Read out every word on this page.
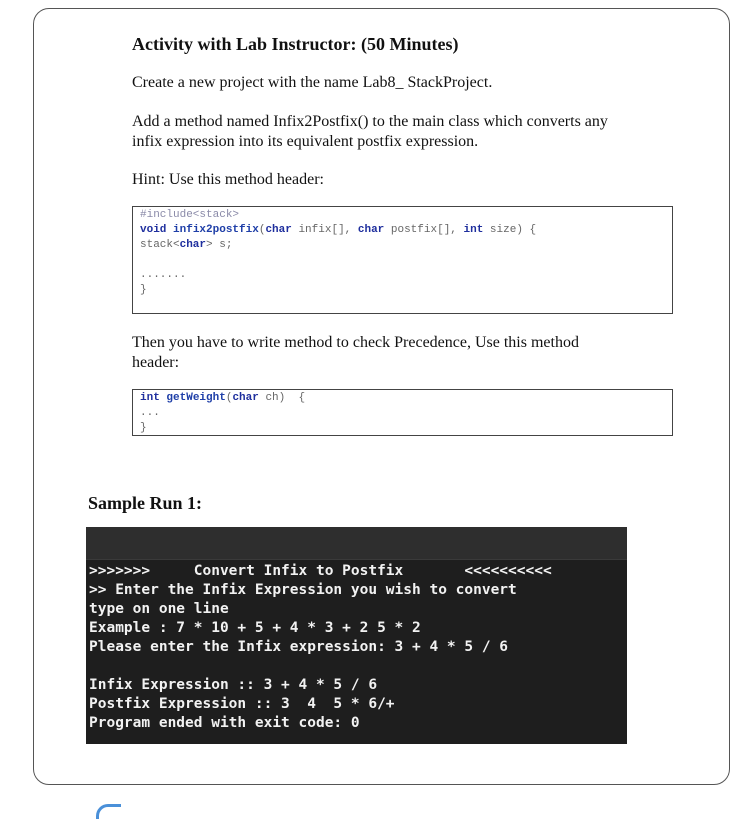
Activity with Lab Instructor: (50 Minutes)

Create a new project with the name Lab8_ StackProject.

Add a method named Infix2Postfix() to the main class which converts any
infix expression into its equivalent postfix expression.

Hint: Use this method header:

#include<stack>
void infix2postfix(char infix[], char postfix[], int size) {
stack<char> s;

.......
}
Then you have to write method to check Precedence, Use this method
header:
int getWeight(char ch)  {
...
}
Sample Run 1:
>>>>>>>     Convert Infix to Postfix       <<<<<<<<<<
>> Enter the Infix Expression you wish to convert
type on one line
Example : 7 * 10 + 5 + 4 * 3 + 2 5 * 2
Please enter the Infix expression: 3 + 4 * 5 / 6
Infix Expression :: 3 + 4 * 5 / 6
Postfix Expression :: 3  4  5 * 6/+
Program ended with exit code: 0
